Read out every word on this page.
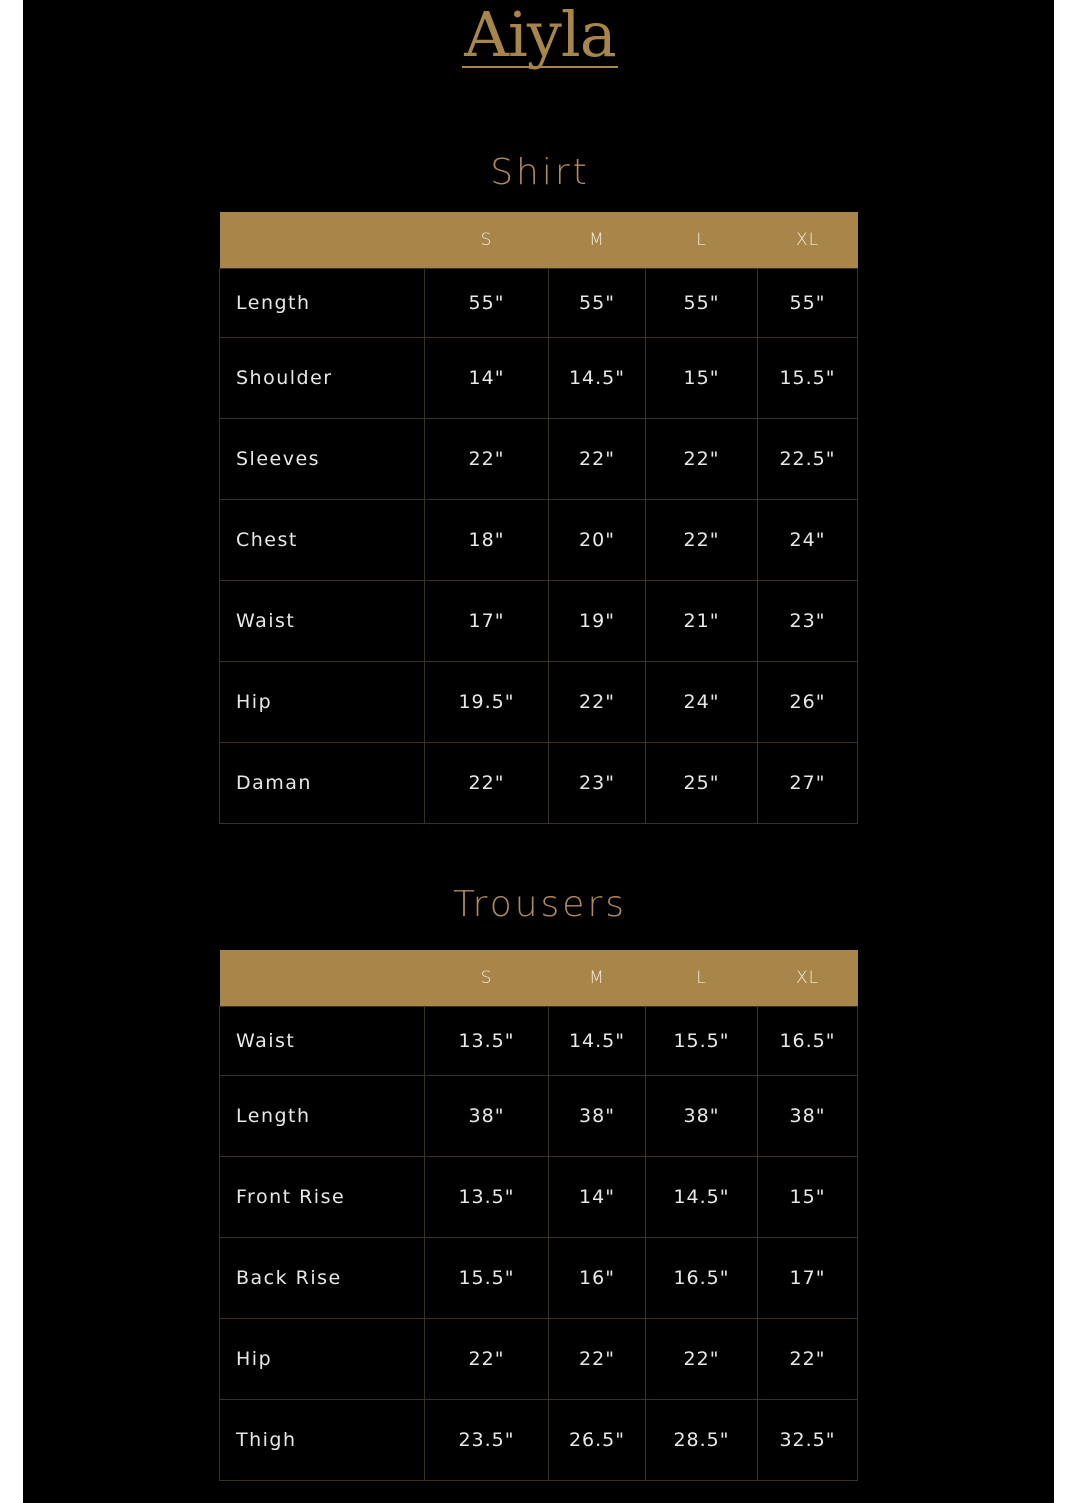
Aiyla
Shirt
	S	M	L	XL
Length	55"	55"	55"	55"
Shoulder	14"	14.5"	15"	15.5"
Sleeves	22"	22"	22"	22.5"
Chest	18"	20"	22"	24"
Waist	17"	19"	21"	23"
Hip	19.5"	22"	24"	26"
Daman	22"	23"	25"	27"
Trousers
	S	M	L	XL
Waist	13.5"	14.5"	15.5"	16.5"
Length	38"	38"	38"	38"
Front Rise	13.5"	14"	14.5"	15"
Back Rise	15.5"	16"	16.5"	17"
Hip	22"	22"	22"	22"
Thigh	23.5"	26.5"	28.5"	32.5"
